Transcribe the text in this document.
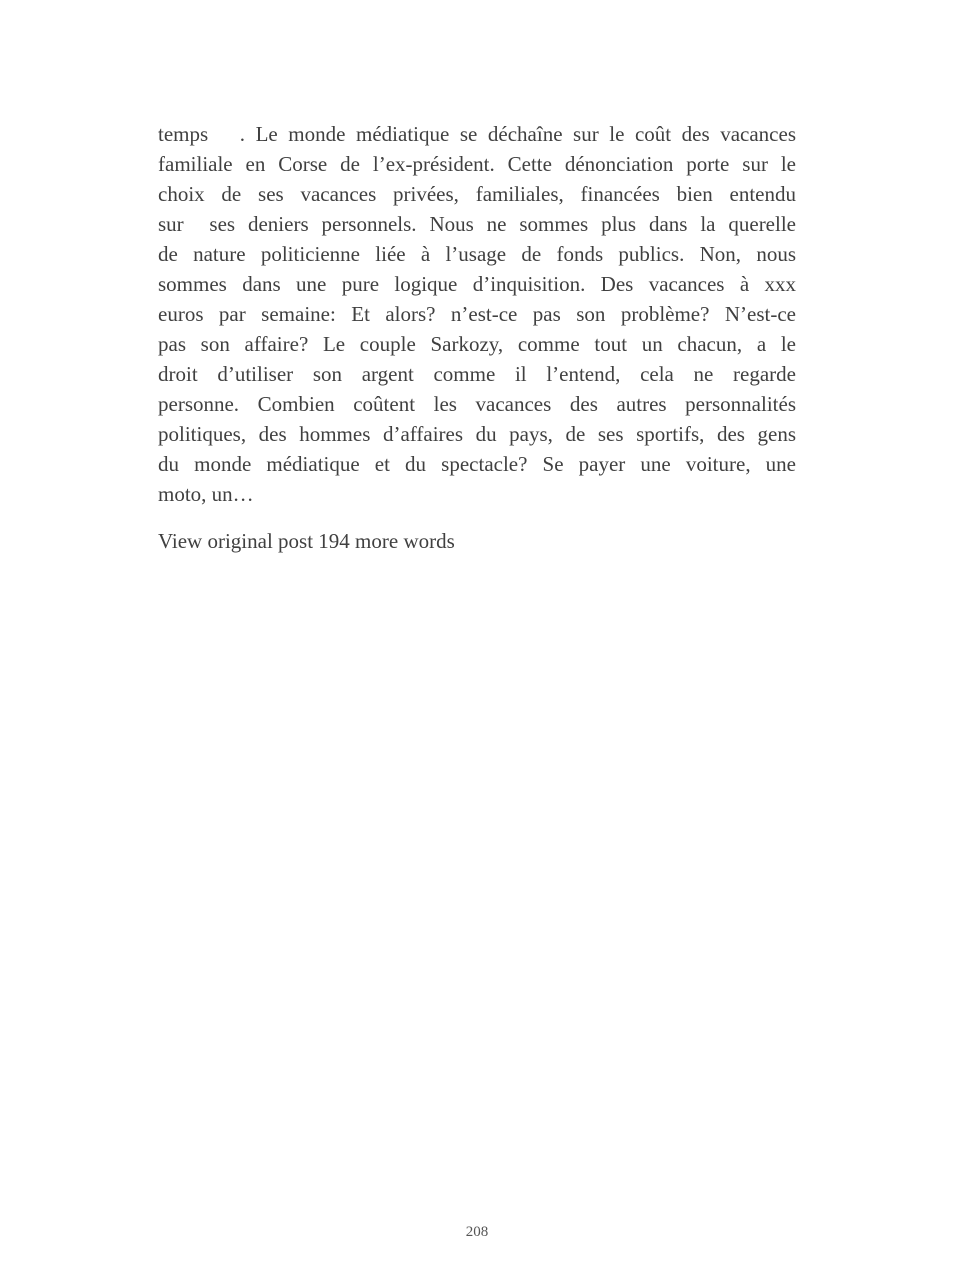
temps   . Le monde médiatique se déchaîne sur le coût des vacances
familiale en Corse de l’ex-président. Cette dénonciation porte sur le
choix de ses vacances privées, familiales, financées bien entendu
sur  ses deniers personnels. Nous ne sommes plus dans la querelle
de nature politicienne liée à l’usage de fonds publics. Non, nous
sommes dans une pure logique d’inquisition. Des vacances à xxx
euros par semaine: Et alors? n’est-ce pas son problème? N’est-ce
pas son affaire? Le couple Sarkozy, comme tout un chacun, a le
droit d’utiliser son argent comme il l’entend, cela ne regarde
personne. Combien coûtent les vacances des autres personnalités
politiques, des hommes d’affaires du pays, de ses sportifs, des gens
du monde médiatique et du spectacle? Se payer une voiture, une
moto, un…
View original post 194 more words
208
